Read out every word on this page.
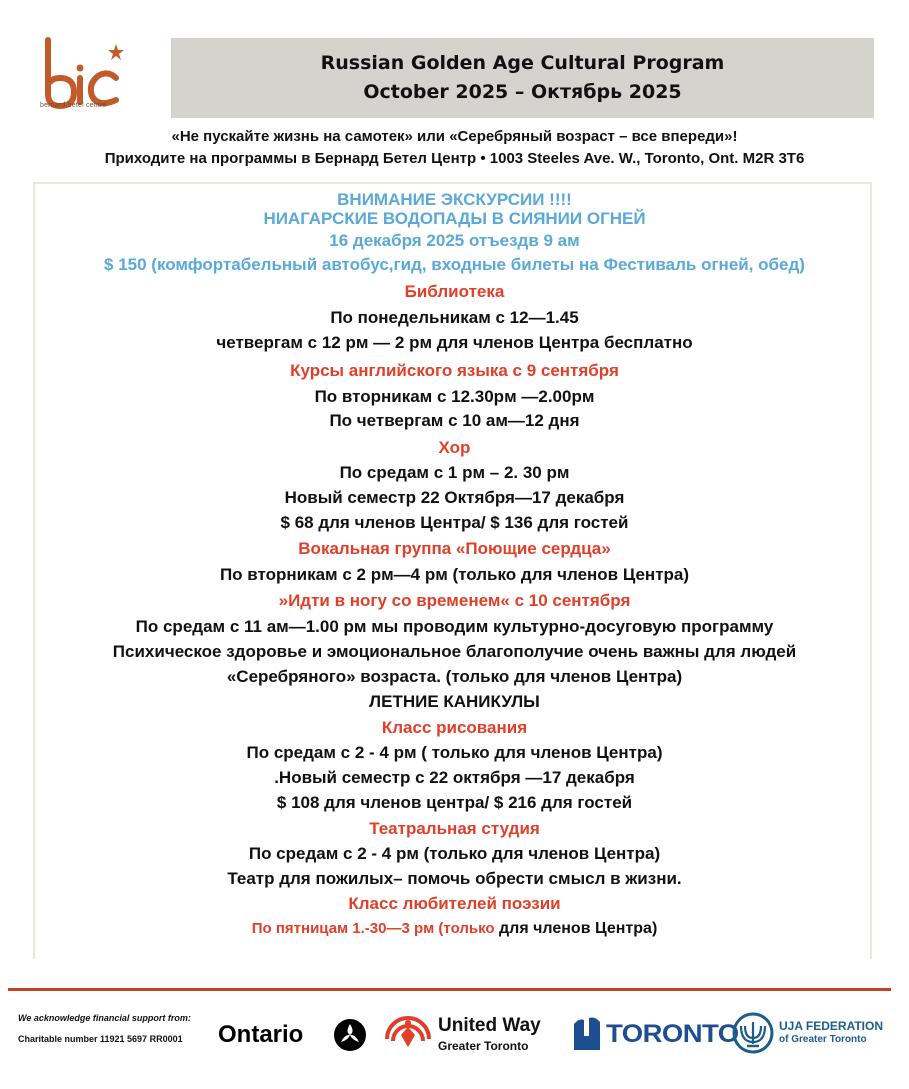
bernard betel centre
Russian Golden Age Cultural Program
October 2025 – Октябрь 2025
«Не пускайте жизнь на самотек» или «Серебряный возраст – все впереди»!
Приходите на программы в Бернард Бетел Центр • 1003 Steeles Ave. W., Toronto, Ont. M2R 3T6
ВНИМАНИЕ ЭКСКУРСИИ !!!!
НИАГАРСКИЕ ВОДОПАДЫ В СИЯНИИ ОГНЕЙ
16 декабря 2025 отъездв 9 ам
$ 150 (комфортабельный автобус,гид, входные билеты на Фестиваль огней, обед)
Библиотека
По понедельникам с 12—1.45
четвергам с 12 pм — 2 pм для членов Центра бесплатно
Курсы английского языка с 9 сентября
По вторникам с 12.30pм —2.00pм
По четвергам с 10 ам—12 дня
Хор
По средам с 1 pм – 2. 30 pм
Новый семестр 22 Октября—17 декабря
$ 68 для членов Центра/ $ 136 для гостей
Вокальная группа «Поющие сердца»
По вторникам с 2 pм—4 pм (только для членов Центра)
»Идти в ногу со временем« с 10 сентября
По средам с 11 ам—1.00 pм мы проводим культурно-досуговую программу
Психическое здоровье и эмоциональное благополучие очень важны для людей
«Серебряного» возраста. (только для членов Центра)
ЛЕТНИЕ КАНИКУЛЫ
Класс рисования
По средам с 2 - 4 pм ( только для членов Центра)
.Новый семестр с 22 октября —17 декабря
$ 108 для членов центра/ $ 216 для гостей
Театральная студия
По средам с 2 - 4 pм (только для членов Центра)
Театр для пожилых– помочь обрести смысл в жизни.
Класс любителей поэзии
По пятницам 1.-30—3 pм (только для членов Центра)
We acknowledge financial support from:
Charitable number 11921 5697 RR0001 Ontario	United Way
Greater Toronto	TORONTO	UJA FEDERATION
of Greater Toronto
